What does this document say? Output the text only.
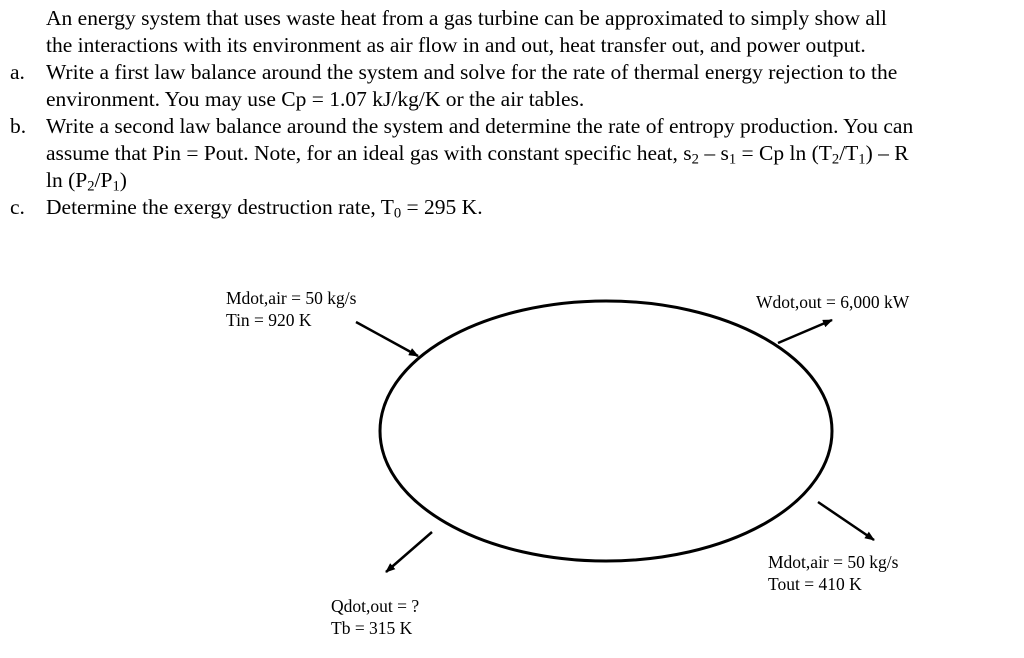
An energy system that uses waste heat from a gas turbine can be approximated to simply show all the interactions with its environment as air flow in and out, heat transfer out, and power output.
a. Write a first law balance around the system and solve for the rate of thermal energy rejection to the environment. You may use Cp = 1.07 kJ/kg/K or the air tables.
b. Write a second law balance around the system and determine the rate of entropy production. You can assume that Pin = Pout. Note, for an ideal gas with constant specific heat, $s_2 - s_1 = Cp$ $\ln (T_2/T_1)$ – R $\ln (P_2/P_1)$
c. Determine the exergy destruction rate, $T_0 = 295$ K.
Mdot,air = 50 kg/s
Tin = 920 K
Wdot,out = 6,000 kW
Mdot,air = 50 kg/s
Tout = 410 K
Qdot,out = ?
Tb = 315 K
